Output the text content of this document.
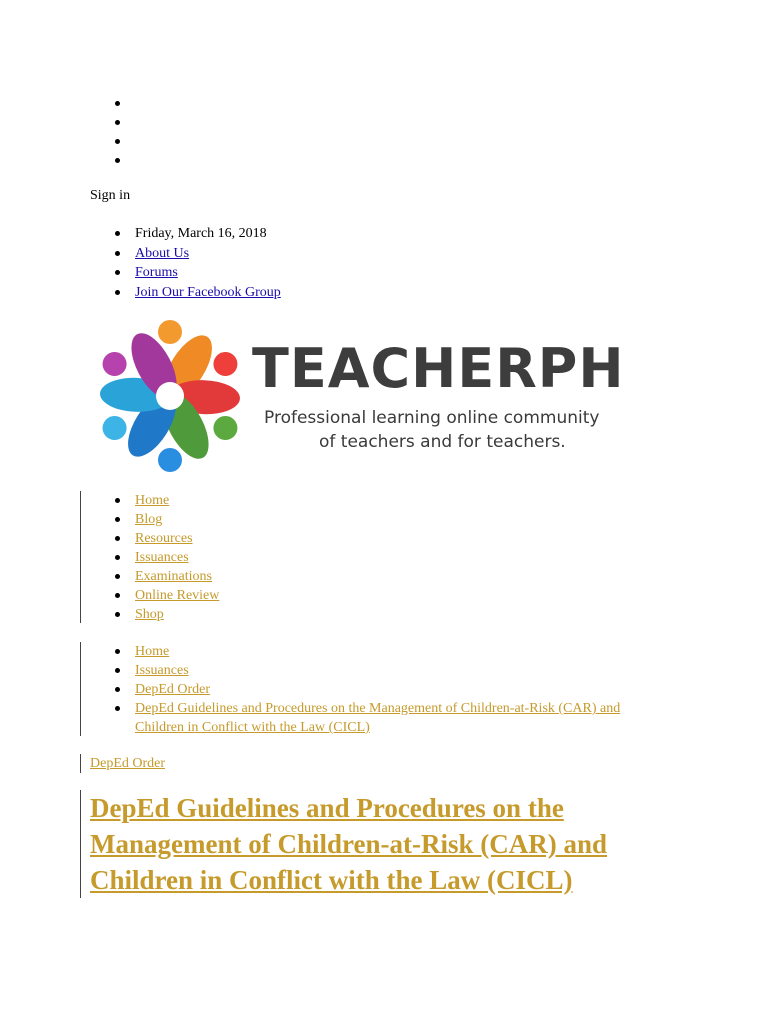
Sign in
Friday, March 16, 2018
About Us
Forums
Join Our Facebook Group
TEACHERPH
Professional learning online community
of teachers and for teachers.
Home
Blog
Resources
Issuances
Examinations
Online Review
Shop
Home
Issuances
DepEd Order
DepEd Guidelines and Procedures on the Management of Children-at-Risk (CAR) and Children in Conflict with the Law (CICL)
DepEd Order
DepEd Guidelines and Procedures on the Management of Children-at-Risk (CAR) and Children in Conflict with the Law (CICL)
